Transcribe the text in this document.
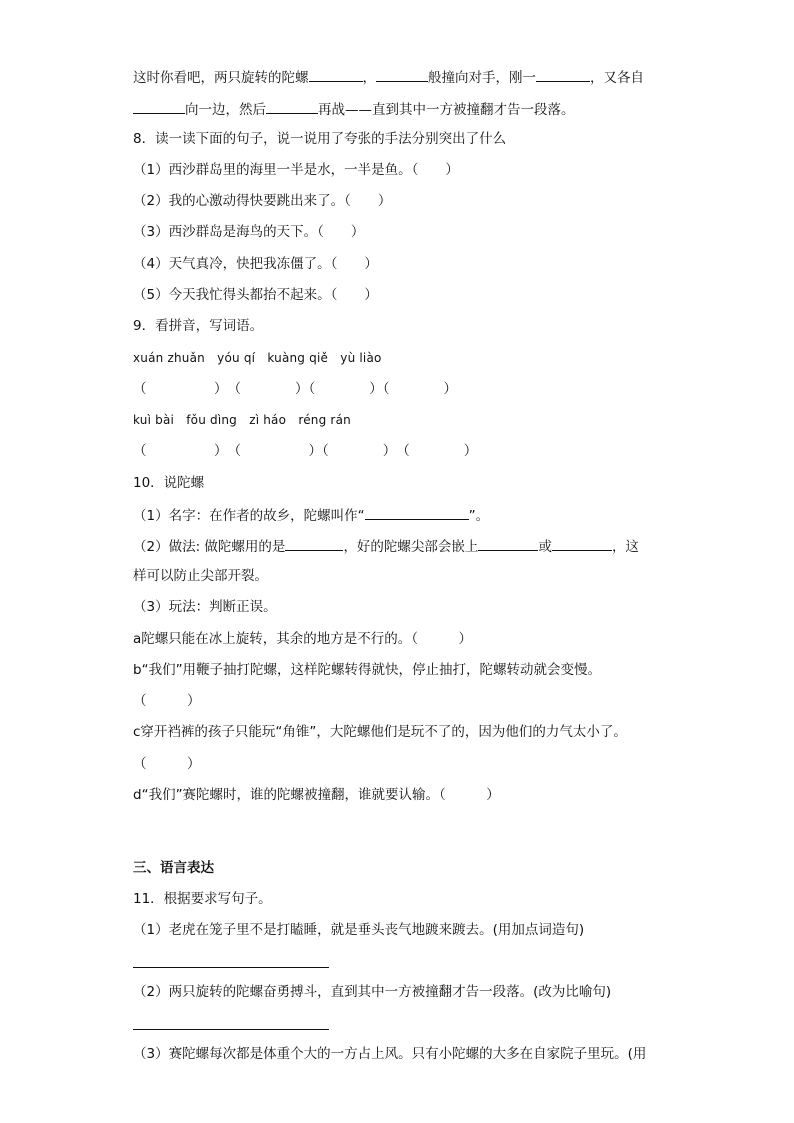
这时你看吧，两只旋转的陀螺	，	般撞向对手，刚一	，又各自
向一边，然后	再战——直到其中一方被撞翻才告一段落。
8．读一读下面的句子，说一说用了夸张的手法分别突出了什么
（1）西沙群岛里的海里一半是水，一半是鱼。（　　）
（2）我的心激动得快要跳出来了。（　　）
（3）西沙群岛是海鸟的天下。（　　）
（4）天气真冷，快把我冻僵了。（　　）
（5）今天我忙得头都抬不起来。（　　）
9．看拼音，写词语。
xuán zhuǎn　yóu qí　kuàng qiě　yù liào
（　　　　　）　（　　　　）（　　　　）（　　　　）
kuì bài　fǒu dìng　zì háo　réng rán
（　　　　　）　（　　　　　）（　　　　）　（　　　　）
10．说陀螺
（1）名字：在作者的故乡，陀螺叫作“	”。
（2）做法: 做陀螺用的是	，好的陀螺尖部会嵌上	或	，这
样可以防止尖部开裂。
（3）玩法：判断正误。
a陀螺只能在冰上旋转，其余的地方是不行的。（　　　）
b“我们”用鞭子抽打陀螺，这样陀螺转得就快，停止抽打，陀螺转动就会变慢。
（　　　）
c穿开裆裤的孩子只能玩“角锥”，大陀螺他们是玩不了的，因为他们的力气太小了。
（　　　）
d“我们”赛陀螺时，谁的陀螺被撞翻，谁就要认输。（　　　）
三、语言表达
11．根据要求写句子。
（1）老虎在笼子里不是打瞌睡，就是垂头丧气地踱来踱去。(用加点词造句)
（2）两只旋转的陀螺奋勇搏斗，直到其中一方被撞翻才告一段落。(改为比喻句)
（3）赛陀螺每次都是体重个大的一方占上风。只有小陀螺的大多在自家院子里玩。(用
